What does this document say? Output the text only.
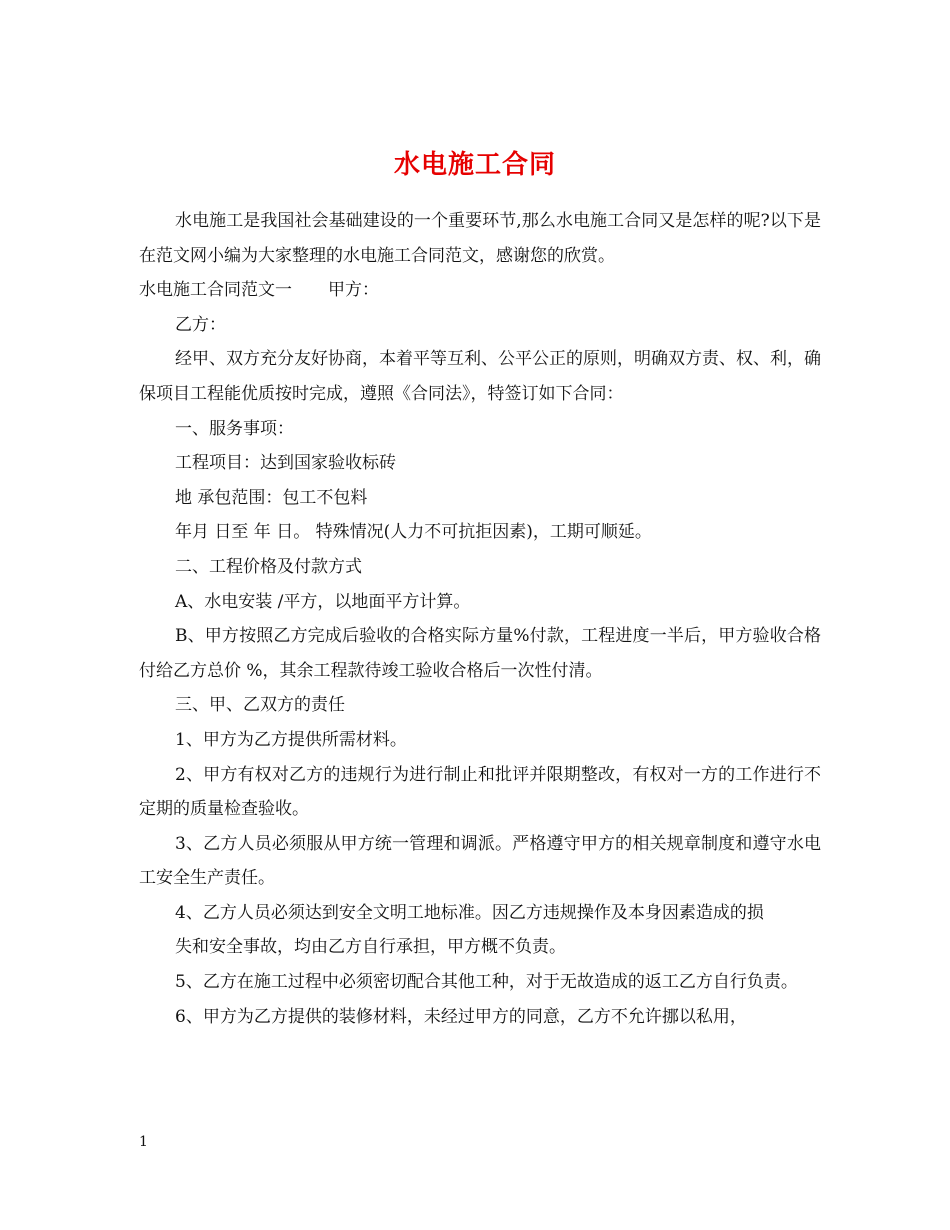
水电施工合同

水电施工是我国社会基础建设的一个重要环节,那么水电施工合同又是怎样的呢?以下是在范文网小编为大家整理的水电施工合同范文，感谢您的欣赏。

水电施工合同范文一 甲方：

乙方：

经甲、双方充分友好协商，本着平等互利、公平公正的原则，明确双方责、权、利，确保项目工程能优质按时完成，遵照《合同法》，特签订如下合同：

一、服务事项：

工程项目：达到国家验收标砖

地 承包范围：包工不包料

年月 日至 年 日。 特殊情况(人力不可抗拒因素)，工期可顺延。

二、工程价格及付款方式

A、水电安装 /平方，以地面平方计算。

B、甲方按照乙方完成后验收的合格实际方量%付款，工程进度一半后，甲方验收合格付给乙方总价 %，其余工程款待竣工验收合格后一次性付清。

三、甲、乙双方的责任

1、甲方为乙方提供所需材料。

2、甲方有权对乙方的违规行为进行制止和批评并限期整改，有权对一方的工作进行不定期的质量检查验收。

3、乙方人员必须服从甲方统一管理和调派。严格遵守甲方的相关规章制度和遵守水电工安全生产责任。

4、乙方人员必须达到安全文明工地标准。因乙方违规操作及本身因素造成的损

失和安全事故，均由乙方自行承担，甲方概不负责。

5、乙方在施工过程中必须密切配合其他工种，对于无故造成的返工乙方自行负责。

6、甲方为乙方提供的装修材料，未经过甲方的同意，乙方不允许挪以私用，

1
